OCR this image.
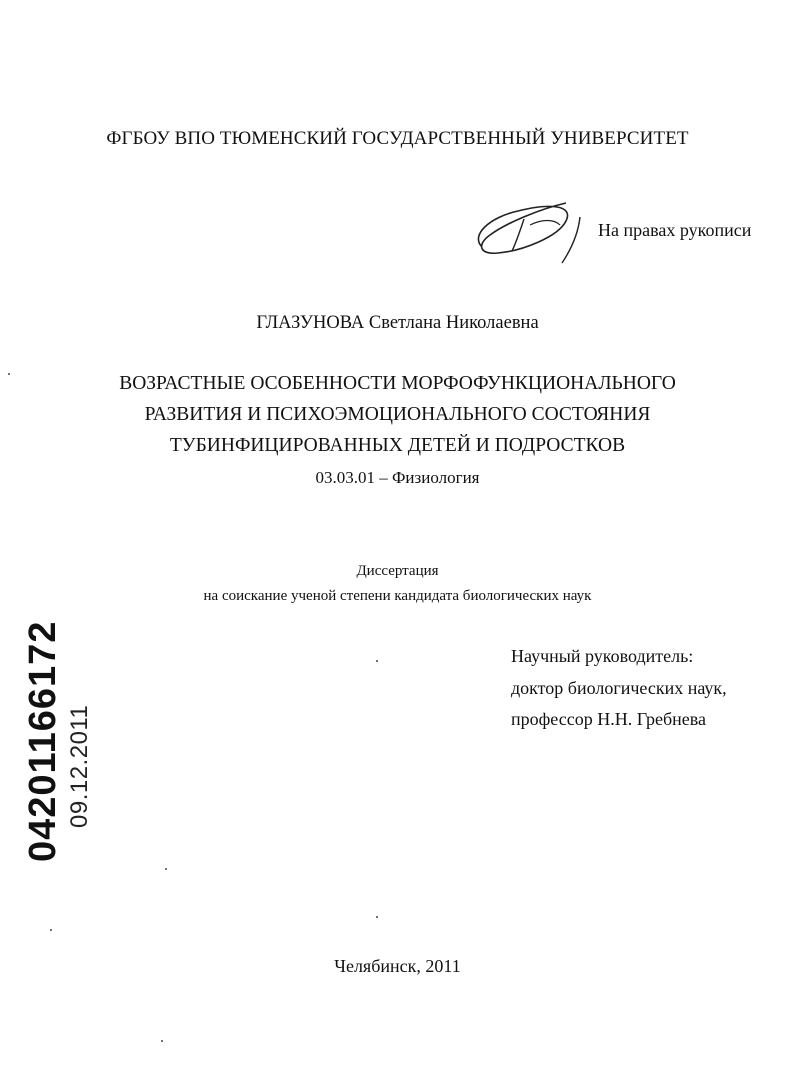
ФГБОУ ВПО ТЮМЕНСКИЙ ГОСУДАРСТВЕННЫЙ УНИВЕРСИТЕТ
На правах рукописи
ГЛАЗУНОВА Светлана Николаевна
ВОЗРАСТНЫЕ ОСОБЕННОСТИ МОРФОФУНКЦИОНАЛЬНОГО
РАЗВИТИЯ И ПСИХОЭМОЦИОНАЛЬНОГО СОСТОЯНИЯ
ТУБИНФИЦИРОВАННЫХ ДЕТЕЙ И ПОДРОСТКОВ
03.03.01 – Физиология
Диссертация
на соискание ученой степени кандидата биологических наук
Научный руководитель:
доктор биологических наук,
профессор Н.Н. Гребнева
Челябинск, 2011
04201166172 09.12.2011
